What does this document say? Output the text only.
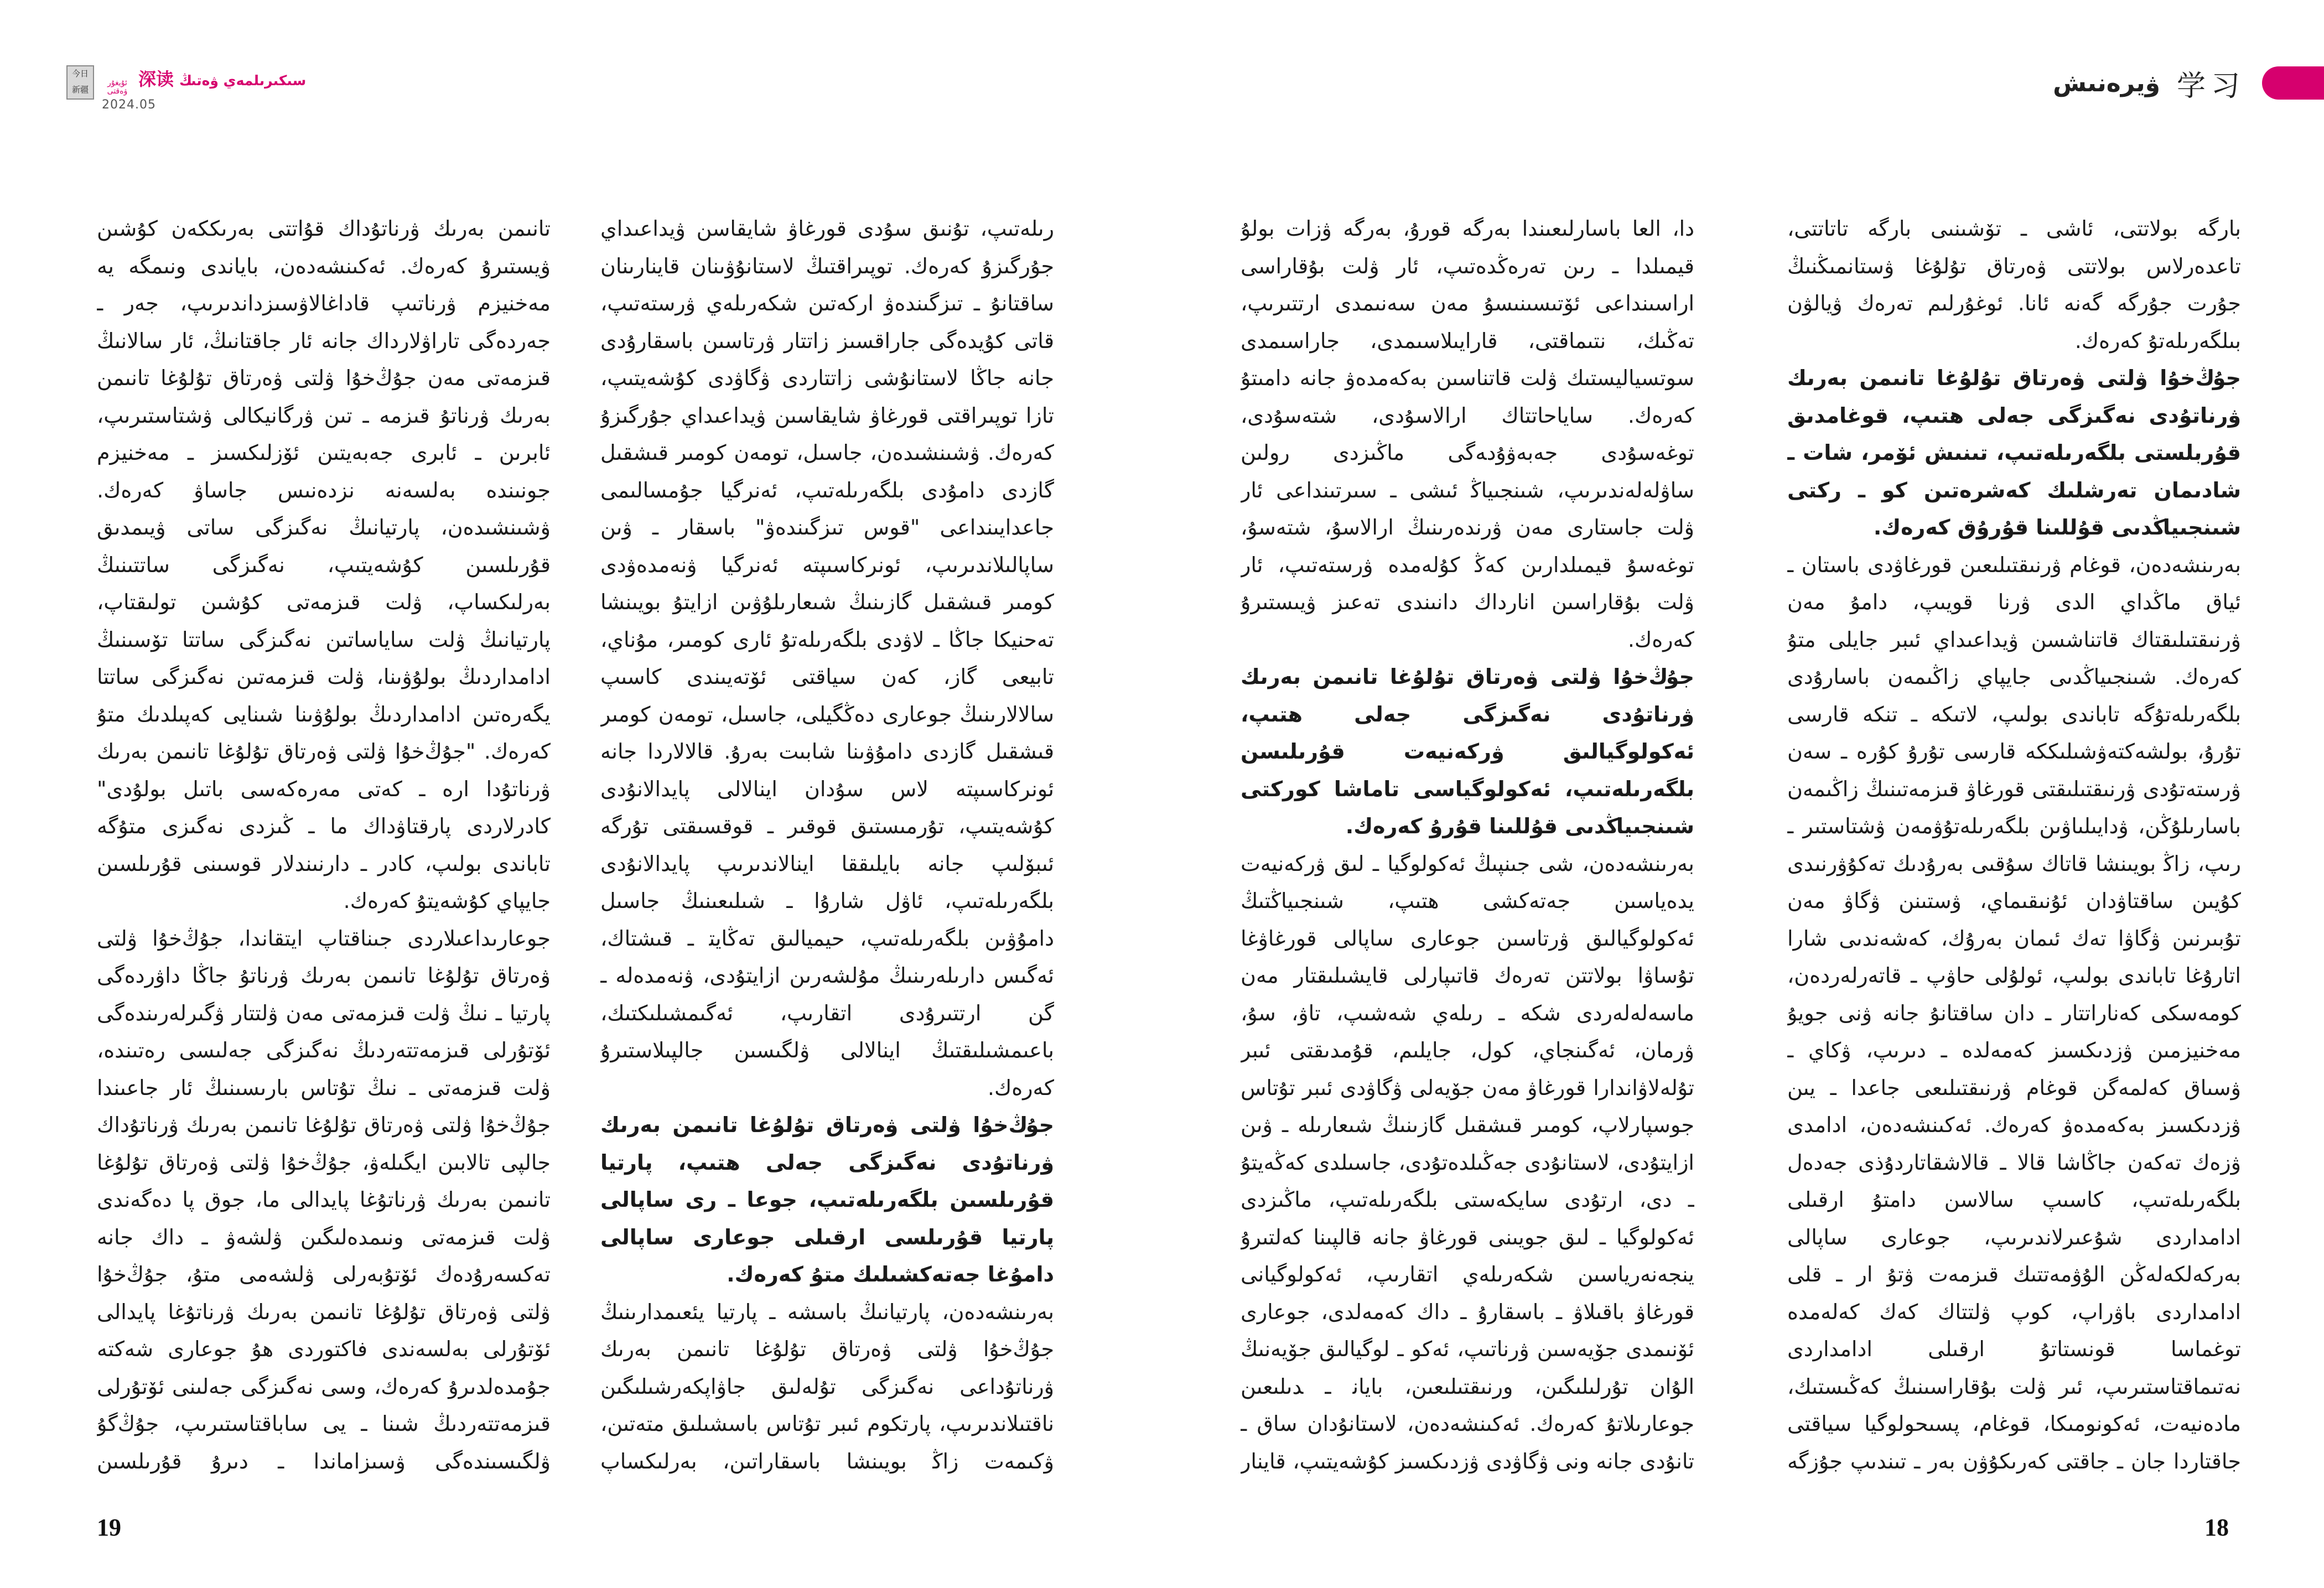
今日
新疆
ﺳﯩﻜﯩﺮﯨﻠﻤﻪﻱ ﯞﻩﺗﯩﯔ
深读
ﺋﯘﻳﻐﯘﺭ ﯞﻩﻗﺘﻰ
2024.05
ﯞﻳﺮﻩﻧﯩﺶ 学习

ﺑﺎﺭﮔﻪ ﺑﻮﻻﺗﺘﻰ، ﺋﺎﺷﻰ ـ ﺗﯚﺷﯩﻨﯩﻰ ﺑﺎﺭﮔﻪ ﺗﺎﺗﺎﺗﺘﻰ، ﺗﺎﻋﺪﻩﺭﻻﺱ ﺑﻮﻻﺗﺘﻰ ﯞﻩﺭﺗﺎﻕ ﺗﯘﻟﯘﻏﺎ ﯞﺳﺘﺎﻧﻤﯩﯖﻨﯩﯔ ﺟﯘﺭﺕ ﺟﯘﺭﮔﻪ ﮔﻪﻧﻪ ﺋﺎﻧﺎ. ﺋﻮﻏﯘﺭﻟﯩﻢ ﺗﻪﺭﻩﻙ ﯞﻳﺎﻟﯟﻥ ﺑﯩﻠﮕﻪﺭﯨﻠﻪﺗﯘ ﻛﻪﺭﻩﻙ.

ﺟﯘﯓﺧﯘﺍ ﯞﻟﺘﻰ ﯞﻩﺭﺗﺎﻕ ﺗﯘﻟﯘﻏﺎ ﺗﺎﻧﯩﻤﻦ ﺑﻪﺭﯨﻚ ﯞﺭﻧﺎﺗﯘﺩﻯ ﻧﻪﮔﯩﺰﮔﻰ ﺟﻪﻟﻰ ﻫﺘﯩﭗ، ﻗﻮﻏﺎﻣﺪﯨﻖ ﻗﯘﺭﺑﻠﺴﺘﻰ ﺑﻠﮕﻪﺭﯨﻠﻪﺗﯩﭗ، ﺗﯩﻨﯩﺶ ﺋﯚﻣﺮ، ﺷﺎﺕ ـ ﺷﺎﺩﯨﻤﺎﻥ ﺗﻪﺭﺷﻠﯩﻚ ﻛﻪﺷﺮﻩﺗﯩﻦ ﻛﻮ ـ ﺭﻛﺘﻰ ﺷﯩﻨﺠﯩﻴﺎﯕﺪﯨﻰ ﻗﯘﻟﻠﯩﻨﺎ ﻗﯘﺭﯗﻕ ﻛﻪﺭﻩﻙ.

ﺑﻪﺭﯨﻨﺸﻪﺩﻩﻥ، ﻗﻮﻏﺎﻡ ﯞﺭﻧﯩﻘﺘﯩﻠﯩﻌﯩﻦ ﻗﻮﺭﻏﺎﯞﺩﻯ ﺑﺎﺳﺘﺎﻥ ـ ﺋﻴﺎﻕ ﻣﺎﯕﺪﺍﻱ ﺍﻟﺪﻯ ﯞﺭﻧﺎ ﻗﻮﻳﯩﭗ، ﺩﺍﻣﯘ ﻣﻪﻥ ﯞﺭﻧﯩﻘﺘﯩﻠﯩﻘﺘﺎﻙ ﻗﺎﺗﻨﺎﺷﺴﻦ ﯞﻳﺪﺍﻋﯩﺪﺍﻱ ﺋﯩﺒﺮ ﺟﺎﻳﻠﻰ ﻣﺘﯘ ﻛﻪﺭﻩﻙ. ﺷﯩﻨﺠﯩﻴﺎﯕﺪﯨﻰ ﺟﺎﻳﭙﺎﻱ ﺯﺍﯕﯩﻤﻪﻥ ﺑﺎﺳﺎﺭﯗﺩﻯ ﺑﻠﮕﻪﺭﯨﻠﻪﺗﯘﮔﻪ ﺗﺎﺑﺎﻧﺪﻯ ﺑﻮﻟﯩﭗ، ﻻﺗﯩﻜﻪ ـ ﺗﻨﻜﻪ ﻗﺎﺭﺳﻰ ﺗﯘﺭﯗ، ﺑﻮﻟﺸﻪﻛﺘﻪﯞﺷﯩﻠﯩﻜﻜﻪ ﻗﺎﺭﺳﻰ ﺗﯘﺭﯗ ﻛﯘﺭﻩ ـ ﺳﻪﻥ ﯞﺭﺳﺘﻪﺗﯘﺩﻯ ﯞﺭﻧﯩﻘﺘﯩﻠﯩﻘﺘﻰ ﻗﻮﺭﻏﺎﯞ ﻗﯩﺰﻣﻪﺗﯩﻨﯩﯔ ﺯﺍﯕﯩﻤﻪﻥ ﺑﺎﺳﺎﺭﯨﻠﯘﯕﻦ، ﯞﺩﺍﻳﯩﻠﯩﺎﯞﯨﻦ ﺑﻠﮕﻪﺭﯨﻠﻪﺗﯘﯞﻣﻪﻥ ﯞﺷﺘﺎﺳﺘﯩﺮ ـ ﺭﯨﭗ، ﺯﺍﯕ ﺑﻮﻳﯩﻨﺸﺎ ﻗﺎﺗﺎﻙ ﺳﯘﻗﯩﻰ ﺑﻪﺭﯗﺩﯨﻚ ﺗﻪﻛﯘﯞﺭﻧﯩﺪﻯ ﻛﯘﻳﯩﻦ ﺳﺎﻗﺘﺎﯞﺩﺍﻥ ﺋﯘﻧﯩﻘﯩﻤﺎﻱ، ﯞﺳﺘﯩﻨﻦ ﯞﮔﺎﯞ ﻣﻪﻥ ﺗﯘﺑﯩﺮﻧﯩﻦ ﯞﮔﺎﯞﺍ ﺗﻪﻙ ﺋﯩﻤﺎﻥ ﺑﻪﺭﯗﻙ، ﻛﻪﺷﻪﻧﺪﯨﻰ ﺷﺎﺭﺍ ﺍﺗﺎﺭﯗﻏﺎ ﺗﺎﺑﺎﻧﺪﻯ ﺑﻮﻟﯩﭗ، ﺋﻮﻟﯘﻟﻰ ﺣﺎﯞﭖ ـ ﻗﺎﺗﻪﺭﻟﻪﺭﺩﻩﻥ، ﻛﻮﻣﻪﺳﻜﻰ ﻛﻪﻧﺎﺭﺍﺗﺘﺎﺭ ـ ﺩﺍﻥ ﺳﺎﻗﺘﺎﻧﯘ ﺟﺎﻧﻪ ﯞﻧﻰ ﺟﻮﻳﯘ ﻣﻪﺧﻨﻴﺰﻣﯩﻦ ﯞﺯﺩﯨﻜﺴﯩﺰ ﻛﻪﻣﻪﻟﺪﻩ ـ ﺩﯨﺮﯨﭗ، ﯞﻛﺎﻱ ـ ﯞﺳﯩﺎﻕ ﻛﻪﻟﻤﻪﮔﻦ ﻗﻮﻏﺎﻡ ﯞﺭﻧﯩﻘﺘﯩﻠﯩﻌﻰ ﺟﺎﻋﺪﺍ ـ ﻳﯩﻦ ﯞﺯﺩﯨﻜﺴﯩﺰ ﺑﻪﻛﻪﻣﺪﻩﯞ ﻛﻪﺭﻩﻙ. ﺋﻪﻛﯩﻨﺸﻪﺩﻩﻥ، ﺍﺩﺍﻣﺪﻯ ﯞﺯﻩﻙ ﺗﻪﻛﻪﻥ ﺟﺎﯕﺎﺷﺎ ﻗﺎﻻ ـ ﻗﺎﻻﺷﻘﺎﺗﺎﺭﺩﯗﺫﻯ ﺟﻪﺩﻩﻝ ﺑﻠﮕﻪﺭﯨﻠﻪﺗﯩﭗ، ﻛﺎﺳﯩﭗ ﺳﺎﻻﺳﻦ ﺩﺍﻣﺘﯘ ﺍﺭﻗﯩﻠﻰ ﺍﺩﺍﻣﺪﺍﺭﺩﻯ ﺷﯘﻋﯩﺮﻻﻧﺪﯨﺮﯨﭗ، ﺟﻮﻋﺎﺭﻯ ﺳﺎﭘﺎﻟﻰ ﺑﻪﺭﻛﻪﻟﻜﻪﻟﻪﯕﻦ ﺍﻟﯘﯞﻣﻪﺗﺘﯩﻚ ﻗﯩﺰﻣﻪﺕ ﯞﺗﯘ ﺍﺭ ـ ﻗﻠﻰ ﺍﺩﺍﻣﺪﺍﺭﺩﻯ ﺑﺎﯞﺭﺍﭖ، ﻛﻮﭖ ﯞﻟﺘﺘﺎﻙ ﻛﻪﻙ ﻛﻪﻟﻪﻣﺪﻩ ﺗﻮﻏﻤﺎﺳﺎ ﻗﻮﻧﺴﺘﺎﺗﯘ ﺍﺭﻗﯩﻠﻰ ﺍﺩﺍﻣﺪﺍﺭﺩﻯ ﻧﻪﺗﯩﻤﺎﻗﺘﺎﺳﺘﯩﺮﯨﭗ، ﺋﯩﺮ ﯞﻟﺖ ﺑﯘﻗﺎﺭﺍﺳﯩﻨﯩﯔ ﻛﻪﯕﯩﺴﺘﯩﻚ، ﻣﺎﺩﻩﻧﻴﻪﺕ، ﺋﻪﻛﻮﻧﻮﻣﯩﻜﺎ، ﻗﻮﻏﺎﻡ، ﭘﺴﯩﺤﻮﻟﻮﮔﻴﺎ ﺳﻴﺎﻗﺘﻰ ﺟﺎﻗﺘﺎﺭﺩﺍ ﺟﺎﻥ ـ ﺟﺎﻗﺘﻰ ﻛﻪﺭﯨﻜﯘﯞﻥ ﺑﻪﺭ ـ ﺗﯩﻨﺪﯨﭗ ﺟﯘﺯﮔﻪ

ﺩﺍ، ﺍﻟﻌﺎ ﺑﺎﺳﺎﺭﻟﯩﻌﯩﻨﺪﺍ ﺑﻪﺭﮔﻪ ﻗﻮﺭﯗ، ﺑﻪﺭﮔﻪ ﯞﺯﺍﺕ ﺑﻮﻟﯘ ﻗﻴﻤﯩﻠﺪﺍ ـ ﺭﯨﻦ ﺗﻪﺭﻩﯕﺪﻩﺗﯩﭗ، ﺋﺎﺭ ﯞﻟﺖ ﺑﯘﻗﺎﺭﺍﺳﻰ ﺍﺭﺍﺳﯩﻨﺪﺍﻋﻰ ﺋﯚﺗﯩﺴﯩﻨﯩﺴﯘ ﻣﻪﻥ ﺳﻪﻧﯩﻤﺪﻯ ﺍﺭﺗﺘﯩﺮﯨﭗ، ﺗﻪﯕﯩﻚ، ﻧﺘﯩﻤﺎﻗﺘﻰ، ﻗﺎﺭﺍﻳﯩﻼﺳﯩﻤﺪﻯ، ﺟﺎﺭﺍﺳﯩﻤﺪﻯ ﺳﻮﺗﺴﻴﺎﻟﻴﺴﺘﯩﻚ ﯞﻟﺖ ﻗﺎﺗﻨﺎﺳﯩﻦ ﺑﻪﻛﻪﻣﺪﻩﯞ ﺟﺎﻧﻪ ﺩﺍﻣﯩﺘﯘ ﻛﻪﺭﻩﻙ. ﺳﺎﻳﺎﺣﺎﺗﺘﺎﻙ ﺍﺭﺍﻻﺳﯘﺩﻯ، ﺷﺘﻪﺳﯘﺩﻯ، ﺗﻮﻏﻪﺳﯘﺩﻯ ﺟﻪﺑﻪﯞﯗﺩﻪﮔﻰ ﻣﺎﯕﯩﺰﺩﻯ ﺭﻭﻟﯩﻦ ﺳﺎﯞﻟﻪﻟﻪﻧﺪﯨﺮﯨﭗ، ﺷﯩﻨﺠﯩﻴﺎﯕ ﺋﯩﺸﻰ ـ ﺳﯩﺮﺗﯩﻨﺪﺍﻋﻰ ﺋﺎﺭ ﯞﻟﺖ ﺟﺎﺳﺘﺎﺭﻯ ﻣﻪﻥ ﯞﺭﻧﺪﻩﺭﯨﻨﯩﯔ ﺍﺭﺍﻻﺳﯘ، ﺷﺘﻪﺳﯘ، ﺗﻮﻏﻪﺳﯘ ﻗﻴﻤﯩﻠﺪﺍﺭﯨﻦ ﻛﻪﯕ ﻛﯘﻟﻪﻣﺪﻩ ﯞﺭﺳﺘﻪﺗﯩﭗ، ﺋﺎﺭ ﯞﻟﺖ ﺑﯘﻗﺎﺭﺍﺳﯩﻦ ﺍﻧﺎﺭﺩﺍﻙ ﺩﺍﻧﯩﻨﺪﻯ ﺗﻪﻋﯩﺰ ﯞﻳﯩﺴﺘﯩﺮﯗ ﻛﻪﺭﻩﻙ.

ﺟﯘﯓﺧﯘﺍ ﯞﻟﺘﻰ ﯞﻩﺭﺗﺎﻕ ﺗﯘﻟﯘﻏﺎ ﺗﺎﻧﯩﻤﻦ ﺑﻪﺭﯨﻚ ﯞﺭﻧﺎﺗﯘﺩﻯ ﻧﻪﮔﯩﺰﮔﻰ ﺟﻪﻟﻰ ﻫﺘﯩﭗ، ﺋﻪﻛﻮﻟﻮﮔﻴﺎﻟﯩﻖ ﯞﺭﻛﻪﻧﻴﻪﺕ ﻗﯘﺭﯨﻠﯩﺴﻦ ﺑﻠﮕﻪﺭﯨﻠﻪﺗﯩﭗ، ﺋﻪﻛﻮﻟﻮﮔﻴﺎﺳﻰ ﺗﺎﻣﺎﺷﺎ ﻛﻮﺭﻛﺘﻰ ﺷﯩﻨﺠﯩﻴﺎﯕﺪﯨﻰ ﻗﯘﻟﻠﯩﻨﺎ ﻗﯘﺭﯗ ﻛﻪﺭﻩﻙ.

ﺑﻪﺭﯨﻨﺸﻪﺩﻩﻥ، ﺷﻰ ﺟﯩﻨﭙﯩﯔ ﺋﻪﻛﻮﻟﻮﮔﻴﺎ ـ ﻟﯩﻖ ﯞﺭﻛﻪﻧﻴﻪﺕ ﻳﺪﻩﻳﺎﺳﯩﻦ ﺟﻪﺗﻪﻛﺸﻰ ﻫﺘﯩﭗ، ﺷﯩﻨﺠﯩﻴﺎﯕﺘﯩﯔ ﺋﻪﻛﻮﻟﻮﮔﻴﺎﻟﯩﻖ ﯞﺭﺗﺎﺳﯩﻦ ﺟﻮﻋﺎﺭﻯ ﺳﺎﭘﺎﻟﻰ ﻗﻮﺭﻏﺎﯞﻏﺎ ﺗﯘﺳﺎﯞﺍ ﺑﻮﻻﺗﺘﻦ ﺗﻪﺭﻩﻙ ﻗﺎﺗﯩﭙﺎﺭﻟﻰ ﻗﺎﻳﺸﯩﻠﯩﻘﺘﺎﺭ ﻣﻪﻥ ﻣﺎﺳﻪﻟﻪﻟﻪﺭﺩﻯ ﺷﻜﻪ ـ ﺭﯨﻠﻪﻱ ﺷﻪﺷﯩﭗ، ﺗﺎﯞ، ﺳﯘ، ﯞﺭﻣﺎﻥ، ﺋﻪﮔﯩﻨﺠﺎﻱ، ﻛﻮﻝ، ﺟﺎﻳﻠﯩﻢ، ﻗﯘﻣﺪﯨﻘﺘﻰ ﺋﯩﺒﺮ ﺗﯘﻟﻪﻻﯞﺍﻧﺪﺍﺭﺍ ﻗﻮﺭﻏﺎﯞ ﻣﻪﻥ ﺟﯚﻳﻪﻟﻰ ﯞﮔﺎﯞﺩﻯ ﺋﯩﺒﺮ ﺗﯘﺗﺎﺱ ﺟﻮﺳﭙﺎﺭﻻﭖ، ﻛﻮﻣﯩﺮ ﻗﯩﺸﻘﯩﻞ ﮔﺎﺯﯨﻨﯩﯔ ﺷﯩﻌﺎﺭﯨﻠﻪ ـ ﯞﯨﻦ ﺍﺯﺍﻳﺘﯘﺩﻯ، ﻻﺳﺘﺎﻧﯘﺩﻯ ﺟﻪﯕﯩﻠﺪﻩﺗﯘﺩﻯ، ﺟﺎﺳﯩﻠﺪﻯ ﻛﻪﯕﻪﻳﺘﯘ ـ ﺩﻯ، ﺍﺭﺗﯘﺩﻯ ﺳﺎﻳﻜﻪﺳﺘﻰ ﺑﻠﮕﻪﺭﯨﻠﻪﺗﯩﭗ، ﻣﺎﯕﯩﺰﺩﻯ ﺋﻪﻛﻮﻟﻮﮔﻴﺎ ـ ﻟﯩﻖ ﺟﻮﻳﯩﻨﻰ ﻗﻮﺭﻏﺎﯞ ﺟﺎﻧﻪ ﻗﺎﻟﭙﯩﻨﺎ ﻛﻪﻟﺘﯩﺮﯗ ﻳﻨﺠﻪﻧﻪﺭﻳﺎﺳﯩﻦ ﺷﻜﻪﺭﯨﻠﻪﻱ ﺍﺗﻘﺎﺭﯨﭗ، ﺋﻪﻛﻮﻟﻮﮔﻴﺎﻧﻰ ﻗﻮﺭﻏﺎﯞ ﺑﺎﻗﯩﻼﯞ ـ ﺑﺎﺳﻘﺎﺭﯗ ـ ﺩﺍﻙ ﻛﻪﻣﻪﻟﺪﻯ، ﺟﻮﻋﺎﺭﻯ ﺋﯚﻧﯩﻤﺪﻯ ﺟﯚﻳﻪﺳﯩﻦ ﯞﺭﻧﺎﺗﯩﭗ، ﺋﻪﻛﻮ ـ ﻟﻮﮔﻴﺎﻟﯩﻖ ﺟﯚﻳﻪﻧﯩﯔ ﺍﻟﯘﺍﻥ ﺗﯘﺭﻟﯩﻠﯩﮕﯩﻦ، ﻭﺭﻧﯩﻘﺘﯩﻠﯩﻌﯩﻦ، ﺑﺎﻳﺎﻧ ـ ﺪﯨﻠﯩﻌﯩﻦ ﺟﻮﻋﺎﺭﯨﻼﺗﯘ ﻛﻪﺭﻩﻙ. ﺋﻪﻛﯩﻨﺸﻪﺩﻩﻥ، ﻻﺳﺘﺎﻧﯘﺩﺍﻥ ﺳﺎﻕ ـ ﺗﺎﻧﯘﺩﻯ ﺟﺎﻧﻪ ﻭﻧﻰ ﯞﮔﺎﯞﺩﻯ ﯞﺯﺩﯨﻜﺴﯩﺰ ﻛﯘﺷﻪﻳﺘﯩﭗ، ﻗﺎﻳﻨﺎﺭ

ﺭﯨﻠﻪﺗﯩﭗ، ﺗﯘﻧﯩﻖ ﺳﯘﺩﻯ ﻗﻮﺭﻏﺎﯞ ﺷﺎﻳﻘﺎﺳﻦ ﯞﻳﺪﺍﻋﯩﺪﺍﻱ ﺟﯘﺭﮔﯩﺰﯗ ﻛﻪﺭﻩﻙ. ﺗﻮﭘﯩﺮﺍﻗﺘﯩﯔ ﻻﺳﺘﺎﻧﯘﯞﯨﻨﺎﻥ ﻗﺎﻳﻨﺎﺭﯨﻨﺎﻥ ﺳﺎﻗﺘﺎﻧﯘ ـ ﺗﯩﺰﮔﯩﻨﺪﻩﯞ ﺍﺭﻛﻪﺗﯩﻦ ﺷﻜﻪﺭﯨﻠﻪﻱ ﯞﺭﺳﺘﻪﺗﯩﭗ، ﻗﺎﺗﻰ ﻛﯘﻳﺪﻩﮔﻰ ﺟﺎﺭﺍﻗﺴﯩﺰ ﺯﺍﺗﺘﺎﺭ ﯞﺭﺗﺎﺳﯩﻦ ﺑﺎﺳﻘﺎﺭﯗﺩﻯ ﺟﺎﻧﻪ ﺟﺎﯕﺎ ﻻﺳﺘﺎﻧﯘﺷﻰ ﺯﺍﺗﺘﺎﺭﺩﻯ ﯞﮔﺎﯞﺩﻯ ﻛﯘﺷﻪﻳﺘﯩﭗ، ﺗﺎﺯﺍ ﺗﻮﭘﯩﺮﺍﻗﺘﻰ ﻗﻮﺭﻏﺎﯞ ﺷﺎﻳﻘﺎﺳﯩﻦ ﯞﻳﺪﺍﻋﯩﺪﺍﻱ ﺟﯘﺭﮔﯩﺰﯗ ﻛﻪﺭﻩﻙ. ﯞﺷﯩﻨﺸﯩﺪﻩﻥ، ﺟﺎﺳﯩﻞ، ﺗﻮﻣﻪﻥ ﻛﻮﻣﯩﺮ ﻗﯩﺸﻘﯩﻞ ﮔﺎﺯﺩﻯ ﺩﺍﻣﯘﺩﻯ ﺑﻠﮕﻪﺭﯨﻠﻪﺗﯩﭗ، ﺋﻪﻧﺮﮔﻴﺎ ﺟﯘﻣﺴﺎﻟﯩﻤﻰ ﺟﺎﻋﺪﺍﻳﯩﻨﺪﺍﻋﻰ "ﻗﻮﺱ ﺗﯩﺰﮔﯩﻨﺪﻩﯞ" ﺑﺎﺳﻘﺎﺭ ـ ﯞﯨﻦ ﺳﺎﭘﺎﻟﯩﻼﻧﺪﯨﺮﯨﭗ، ﺋﻮﻧﺮﻛﺎﺳﯩﭙﺘﻪ ﺋﻪﻧﺮﮔﻴﺎ ﯞﻧﻪﻣﺪﻩﯞﺩﻯ ﻛﻮﻣﯩﺮ ﻗﯩﺸﻘﯩﻞ ﮔﺎﺯﯨﻨﯩﯔ ﺷﯩﻌﺎﺭﯨﻠﯘﯞﯨﻦ ﺍﺯﺍﻳﺘﯘ ﺑﻮﻳﯩﻨﺸﺎ ﺗﻪﺣﻨﻴﻜﺎ ﺟﺎﯕﺎ ـ ﻻﯞﺩﻯ ﺑﻠﮕﻪﺭﯨﻠﻪﺗﯘ ﺋﺎﺭﻯ ﻛﻮﻣﯩﺮ، ﻣﯘﻧﺎﻱ، ﺗﺎﺑﻴﻌﻰ ﮔﺎﺯ، ﻛﻪﻥ ﺳﻴﺎﻗﺘﻰ ﺋﯚﺗﻪﻳﯩﻨﺪﻯ ﻛﺎﺳﯩﭗ ﺳﺎﻻﻻﺭﯨﻨﯩﯔ ﺟﻮﻋﺎﺭﻯ ﺩﻩﯕﮕﻴﻠﻰ، ﺟﺎﺳﯩﻞ، ﺗﻮﻣﻪﻥ ﻛﻮﻣﯩﺮ ﻗﯩﺸﻘﯩﻞ ﮔﺎﺯﺩﻯ ﺩﺍﻣﯘﯞﯨﻨﺎ ﺷﺎﺑﯩﺖ ﺑﻪﺭﯗ. ﻗﺎﻻﻻﺭﺩﺍ ﺟﺎﻧﻪ ﺋﻮﻧﺮﻛﺎﺳﯩﭙﺘﻪ ﻻﺱ ﺳﯘﺩﺍﻥ ﺍﻳﻨﺎﻻﻟﻰ ﭘﺎﻳﺪﺍﻻﻧﯘﺩﻯ ﻛﯘﺷﻪﻳﺘﯩﭗ، ﺗﯘﺭﻣﯩﺴﺘﯩﻖ ﻗﻮﻗﯩﺮ ـ ﻗﻮﻗﺴﯩﻘﺘﻰ ﺗﯘﺭﮔﻪ ﺋﯩﺒﯚﻟﯩﭗ ﺟﺎﻧﻪ ﺑﺎﻳﻠﯩﻘﻘﺎ ﺍﻳﻨﺎﻻﻧﺪﯨﺮﯨﭗ ﭘﺎﻳﺪﺍﻻﻧﯘﺩﻯ ﺑﻠﮕﻪﺭﯨﻠﻪﺗﯩﭗ، ﺋﺎﯞﻝ ﺷﺎﺭﯗﺍ ـ ﺷﯩﻠﯩﻌﯩﻨﯩﯔ ﺟﺎﺳﯩﻞ ﺩﺍﻣﯘﯞﯨﻦ ﺑﻠﮕﻪﺭﯨﻠﻪﺗﯩﭗ، ﺣﻴﻤﻴﺎﻟﯩﻖ ﺗﻪﯕﺎﻳﺘ ـ ﻗﯩﺸﺘﺎﻙ، ﺋﻪﮔﯩﺲ ﺩﺍﺭﯨﻠﻪﺭﯨﻨﯩﯔ ﻣﯘﻟﺸﻪﺭﯨﻦ ﺍﺯﺍﻳﺘﯘﺩﻯ، ﯞﻧﻪﻣﺪﻩﻟﻪ ـ ﮔﻦ ﺍﺭﺗﺘﯩﺮﯗﺩﻯ ﺍﺗﻘﺎﺭﯨﭗ، ﺋﻪﮔﯩﻤﺸﯩﻠﯩﻜﺘﯩﻚ، ﺑﺎﻋﯩﻤﺸﯩﻠﯩﻘﺘﯩﯔ ﺍﻳﻨﺎﻻﻟﻰ ﯞﻟﮕﯩﺴﯩﻦ ﺟﺎﻟﭙﯩﻼﺳﺘﯩﺮﯗ ﻛﻪﺭﻩﻙ.

ﺟﯘﯓﺧﯘﺍ ﯞﻟﺘﻰ ﯞﻩﺭﺗﺎﻕ ﺗﯘﻟﯘﻏﺎ ﺗﺎﻧﯩﻤﻦ ﺑﻪﺭﯨﻚ ﯞﺭﻧﺎﺗﯘﺩﻯ ﻧﻪﮔﯩﺰﮔﻰ ﺟﻪﻟﻰ ﻫﺘﯩﭗ، ﭘﺎﺭﺗﻴﺎ ﻗﯘﺭﯨﻠﺴﯩﻦ ﺑﻠﮕﻪﺭﯨﻠﻪﺗﯩﭗ، ﺟﻮﻋﺎ ـ ﺭﻯ ﺳﺎﭘﺎﻟﻰ ﭘﺎﺭﺗﻴﺎ ﻗﯘﺭﯨﻠﺴﻰ ﺍﺭﻗﯩﻠﻰ ﺟﻮﻋﺎﺭﻯ ﺳﺎﭘﺎﻟﻰ ﺩﺍﻣﯘﻏﺎ ﺟﻪﺗﻪﻛﺸﯩﻠﯩﻚ ﻣﺘﯘ ﻛﻪﺭﻩﻙ.

ﺑﻪﺭﯨﻨﺸﻪﺩﻩﻥ، ﭘﺎﺭﺗﻴﺎﻧﯩﯔ ﺑﺎﺳﺸﻪ ـ ﭘﺎﺭﺗﻴﺎ ﻳﺌﻌﯩﻤﺪﺍﺭﯨﻨﯩﯔ ﺟﯘﯓﺧﯘﺍ ﯞﻟﺘﻰ ﯞﻩﺭﺗﺎﻕ ﺗﯘﻟﯘﻏﺎ ﺗﺎﻧﯩﻤﻦ ﺑﻪﺭﯨﻚ ﯞﺭﻧﺎﺗﯘﺩﺍﻋﻰ ﻧﻪﮔﯩﺰﮔﻰ ﺗﯘﻟﻪﻟﯩﻖ ﺟﺎﯞﺍﭘﻜﻪﺭﺷﯩﻠﯩﮕﯩﻦ ﻧﺎﻗﺘﯩﻼﻧﺪﯨﺮﯨﭗ، ﭘﺎﺭﺗﻜﻮﻡ ﺋﯩﺒﺮ ﺗﯘﺗﺎﺱ ﺑﺎﺳﺸﯩﻠﯩﻖ ﻣﺘﻪﺗﯩﻦ، ﯞﻛﯩﻤﻪﺕ ﺯﺍﯕ ﺑﻮﻳﯩﻨﺸﺎ ﺑﺎﺳﻘﺎﺭﺍﺗﯩﻦ، ﺑﻪﺭﻟﯩﻜﺴﺎﭖ

ﺗﺎﻧﯩﻤﻦ ﺑﻪﺭﯨﻚ ﯞﺭﻧﺎﺗﯘﺩﺍﻙ ﻗﯘﺍﺗﺘﻰ ﺑﻪﺭﯨﻜﻜﻪﻥ ﻛﯘﺷﯩﻦ ﯞﻳﺴﺘﯩﺮﯗ ﻛﻪﺭﻩﻙ. ﺋﻪﻛﯩﻨﺸﻪﺩﻩﻥ، ﺑﺎﻳﺎﻧﺪﻯ ﻭﻧﯩﻤﮕﻪ ﻳﻪ ﻣﻪﺧﻨﻴﺰﻡ ﯞﺭﻧﺎﺗﯩﭗ ﻗﺎﺩﺍﻏﺎﻻﯞﺳﯩﺰﺩﺍﻧﺪﯨﺮﯨﭗ، ﺟﻪﺭ ـ ﺟﻪﺭﺩﻩﮔﻰ ﺗﺎﺭﺍﯞﻻﺭﺩﺍﻙ ﺟﺎﻧﻪ ﺋﺎﺭ ﺟﺎﻗﺘﺎﻧﯩﯔ، ﺋﺎﺭ ﺳﺎﻻﻧﯩﯔ ﻗﯩﺰﻣﻪﺗﻰ ﻣﻪﻥ ﺟﯘﯓﺧﯘﺍ ﯞﻟﺘﻰ ﯞﻩﺭﺗﺎﻕ ﺗﯘﻟﯘﻏﺎ ﺗﺎﻧﯩﻤﻦ ﺑﻪﺭﯨﻚ ﯞﺭﻧﺎﺗﯘ ﻗﯩﺰﻣﻪ ـ ﺗﯩﻦ ﯞﺭﮔﺎﻧﻴﻜﺎﻟﻰ ﯞﺷﺘﺎﺳﺘﯩﺮﯨﭗ، ﺋﺎﺑﺮﯨﻦ ـ ﺋﺎﺑﺮﻯ ﺟﻪﺑﻪﻳﺘﯩﻦ ﺋﯚﺯﻟﯩﻜﺴﯩﺰ ـ ﻣﻪﺧﻨﻴﺰﻡ ﺟﻮﻧﯩﻨﺪﻩ ﺑﻪﻟﺴﻪﻧﻪ ﻧﺰﺩﻩﻧﯩﺲ ﺟﺎﺳﺎﯞ ﻛﻪﺭﻩﻙ. ﯞﺷﯩﻨﺸﯩﺪﻩﻥ، ﭘﺎﺭﺗﻴﺎﻧﯩﯔ ﻧﻪﮔﯩﺰﮔﻰ ﺳﺎﺗﻰ ﯞﻳﯩﻤﺪﯨﻖ ﻗﯘﺭﯨﻠﺴﯩﻦ ﻛﯘﺷﻪﻳﺘﯩﭗ، ﻧﻪﮔﯩﺰﮔﻰ ﺳﺎﺗﺘﯩﻨﯩﯔ ﺑﻪﺭﻟﯩﻜﺴﺎﭖ، ﯞﻟﺖ ﻗﯩﺰﻣﻪﺗﻰ ﻛﯘﺷﯩﻦ ﺗﻮﻟﯩﻘﺘﺎﭖ، ﭘﺎﺭﺗﻴﺎﻧﯩﯔ ﯞﻟﺖ ﺳﺎﻳﺎﺳﺎﺗﯩﻦ ﻧﻪﮔﯩﺰﮔﻰ ﺳﺎﺗﺘﺎ ﺗﯚﺳﯩﻨﯩﯔ ﺍﺩﺍﻣﺪﺍﺭﺩﯨﯔ ﺑﻮﻟﯘﯞﯨﻨﺎ، ﯞﻟﺖ ﻗﯩﺰﻣﻪﺗﯩﻦ ﻧﻪﮔﯩﺰﮔﻰ ﺳﺎﺗﺘﺎ ﻳﮕﻪﺭﻩﺗﯩﻦ ﺍﺩﺍﻣﺪﺍﺭﺩﯨﯔ ﺑﻮﻟﯘﯞﯨﻨﺎ ﺷﯩﻨﺎﻳﻰ ﻛﻪﭘﯩﻠﺪﯨﻚ ﻣﺘﯘ ﻛﻪﺭﻩﻙ. "ﺟﯘﯓﺧﯘﺍ ﯞﻟﺘﻰ ﯞﻩﺭﺗﺎﻕ ﺗﯘﻟﯘﻏﺎ ﺗﺎﻧﯩﻤﻦ ﺑﻪﺭﯨﻚ ﯞﺭﻧﺎﺗﯘﺩﺍ ﺍﺭﻩ ـ ﻛﻪﺗﻰ ﻣﻪﺭﻩﻛﻪﺳﻰ ﺑﺎﺗﯩﻞ ﺑﻮﻟﯘﺩﻯ" ﻛﺎﺩﺭﻻﺭﺩﻯ ﭘﺎﺭﻗﺘﺎﯞﺩﺍﻙ ﻣﺎ ـ ﯕﯩﺰﺩﻯ ﻧﻪﮔﯩﺰﻯ ﻣﺘﯘﮔﻪ ﺗﺎﺑﺎﻧﺪﻯ ﺑﻮﻟﯩﭗ، ﻛﺎﺩﺭ ـ ﺩﺍﺭﻧﯩﻨﺪﻻﺭ ﻗﻮﺳﯩﻨﻰ ﻗﯘﺭﯨﻠﺴﯩﻦ ﺟﺎﻳﭙﺎﻱ ﻛﯘﺷﻪﻳﺘﯘ ﻛﻪﺭﻩﻙ.

ﺟﻮﻋﺎﺭﯨﺪﺍﻋﯩﻼﺭﺩﻯ ﺟﯩﻨﺎﻗﺘﺎﭖ ﺍﻳﺘﻘﺎﻧﺪﺍ، ﺟﯘﯓﺧﯘﺍ ﯞﻟﺘﻰ ﯞﻩﺭﺗﺎﻕ ﺗﯘﻟﯘﻏﺎ ﺗﺎﻧﯩﻤﻦ ﺑﻪﺭﯨﻚ ﯞﺭﻧﺎﺗﯘ ﺟﺎﯕﺎ ﺩﺍﯞﺭﺩﻩﮔﻰ ﭘﺎﺭﺗﻴﺎ ـ ﻧﯩﯔ ﯞﻟﺖ ﻗﯩﺰﻣﻪﺗﻰ ﻣﻪﻥ ﯞﻟﺘﺘﺎﺭ ﯞﮔﯩﺮﻟﻪﺭﯨﻨﺪﻩﮔﻰ ﺋﯚﺗﯘﺭﻟﻰ ﻗﯩﺰﻣﻪﺗﺘﻪﺭﺩﯨﯔ ﻧﻪﮔﯩﺰﮔﻰ ﺟﻪﻟﯩﺴﻰ ﺭﻩﺗﯩﻨﺪﻩ، ﯞﻟﺖ ﻗﯩﺰﻣﻪﺗﻰ ـ ﻧﯩﯔ ﺗﯘﺗﺎﺱ ﺑﺎﺭﯨﺴﯩﻨﯩﯔ ﺋﺎﺭ ﺟﺎﻋﯩﻨﺪﺍ ﺟﯘﯓﺧﯘﺍ ﯞﻟﺘﻰ ﯞﻩﺭﺗﺎﻕ ﺗﯘﻟﯘﻏﺎ ﺗﺎﻧﯩﻤﻦ ﺑﻪﺭﯨﻚ ﯞﺭﻧﺎﺗﯘﺩﺍﻙ ﺟﺎﻟﭙﻰ ﺗﺎﻻﺑﯩﻦ ﺍﻳﮕﯩﻠﻪﯞ، ﺟﯘﯓﺧﯘﺍ ﯞﻟﺘﻰ ﯞﻩﺭﺗﺎﻕ ﺗﯘﻟﯘﻏﺎ ﺗﺎﻧﯩﻤﻦ ﺑﻪﺭﯨﻚ ﯞﺭﻧﺎﺗﯘﻏﺎ ﭘﺎﻳﺪﺍﻟﻰ ﻣﺎ، ﺟﻮﻕ ﭘﺎ ﺩﻩﮔﻪﻧﺪﻯ ﯞﻟﺖ ﻗﯩﺰﻣﻪﺗﻰ ﻭﻧﯩﻤﺪﻩﻟﯩﮕﯩﻦ ﯞﻟﺸﻪﯞ ـ ﺩﺍﻙ ﺟﺎﻧﻪ ﺗﻪﻛﺴﻪﺭﯗﺩﻩﻙ ﺋﯚﺗﯘﺑﻪﺭﻟﻰ ﯞﻟﺸﻪﻣﻰ ﻣﺘﯘ، ﺟﯘﯓﺧﯘﺍ ﯞﻟﺘﻰ ﯞﻩﺭﺗﺎﻕ ﺗﯘﻟﯘﻏﺎ ﺗﺎﻧﯩﻤﻦ ﺑﻪﺭﯨﻚ ﯞﺭﻧﺎﺗﯘﻏﺎ ﭘﺎﻳﺪﺍﻟﻰ ﺋﯚﺗﯘﺭﻟﻰ ﺑﻪﻟﺴﻪﻧﺪﻯ ﻓﺎﻛﺘﻮﺭﺩﻯ ﻫﯘ ﺟﻮﻋﺎﺭﻯ ﺷﻪﻛﺘﻪ ﺟﯘﻣﺪﻩﻟﺪﯨﺮﯗ ﻛﻪﺭﻩﻙ، ﻭﺳﻰ ﻧﻪﮔﯩﺰﮔﻰ ﺟﻪﻟﯩﻨﻰ ﺋﯚﺗﯘﺭﻟﻰ ﻗﯩﺰﻣﻪﺗﺘﻪﺭﺩﯨﯔ ﺷﯩﻨﺎ ـ ﻳﻰ ﺳﺎﺑﺎﻗﺘﺎﺳﺘﯩﺮﯨﭗ، ﺟﯘﯓﮔﯘ ﯞﻟﮕﯩﺴﯩﻨﺪﻩﮔﻰ ﯞﺳﯩﺰﺍﻣﺎﻧﺪﺍ ـ ﺩﯨﺮﯗ ﻗﯘﺭﯨﻠﺴﯩﻦ

18
19
